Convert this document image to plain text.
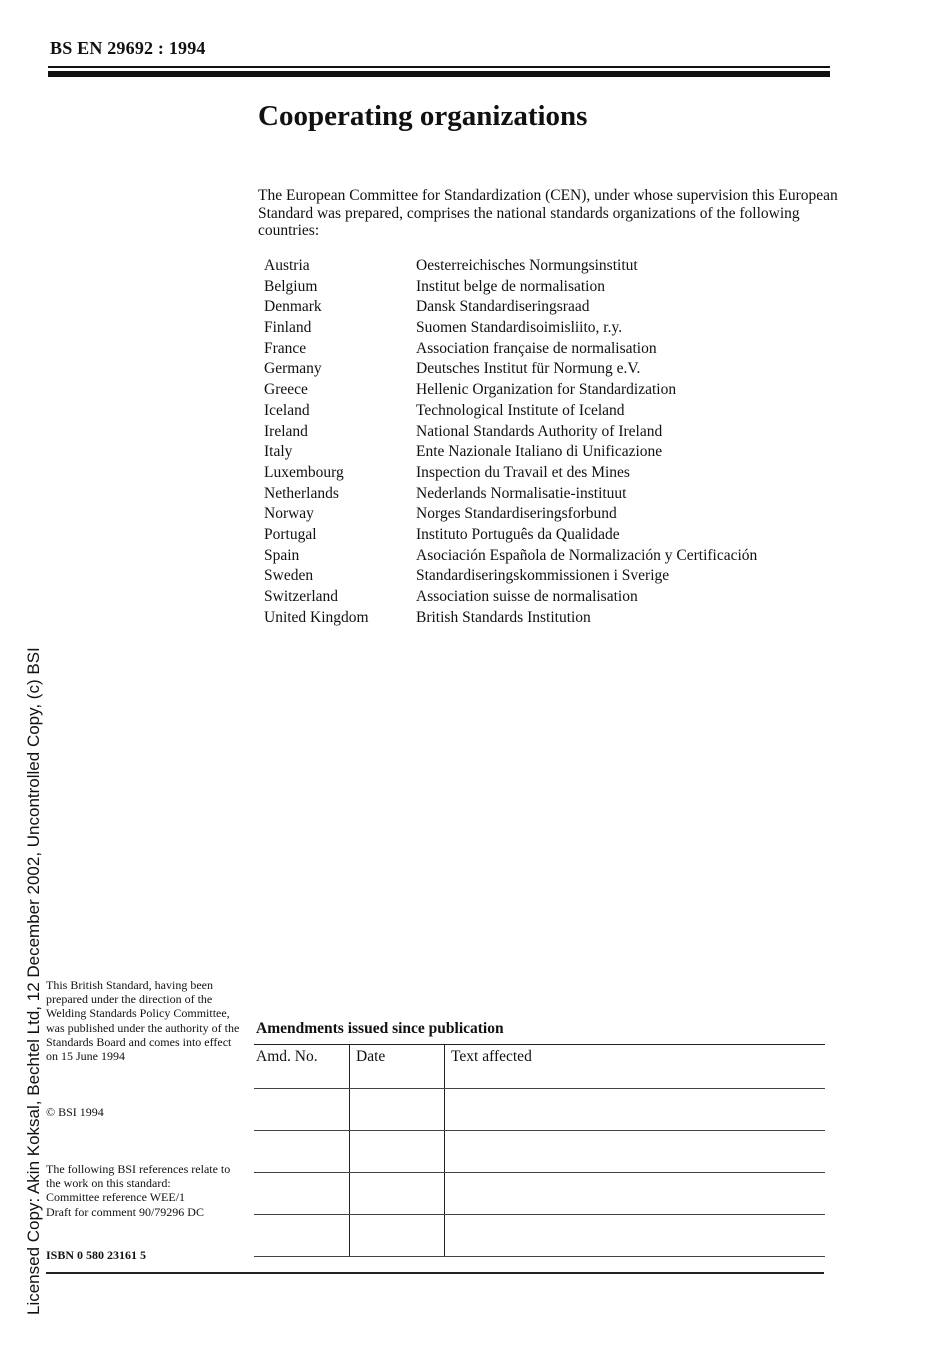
BS EN 29692 : 1994
Cooperating organizations

The European Committee for Standardization (CEN), under whose supervision this European Standard was prepared, comprises the national standards organizations of the following countries:

Austria	Oesterreichisches Normungsinstitut
Belgium	Institut belge de normalisation
Denmark	Dansk Standardiseringsraad
Finland	Suomen Standardisoimisliito, r.y.
France	Association française de normalisation
Germany	Deutsches Institut für Normung e.V.
Greece	Hellenic Organization for Standardization
Iceland	Technological Institute of Iceland
Ireland	National Standards Authority of Ireland
Italy	Ente Nazionale Italiano di Unificazione
Luxembourg	Inspection du Travail et des Mines
Netherlands	Nederlands Normalisatie-instituut
Norway	Norges Standardiseringsforbund
Portugal	Instituto Português da Qualidade
Spain	Asociación Española de Normalización y Certificación
Sweden	Standardiseringskommissionen i Sverige
Switzerland	Association suisse de normalisation
United Kingdom	British Standards Institution

This British Standard, having been prepared under the direction of the Welding Standards Policy Committee, was published under the authority of the Standards Board and comes into effect on 15 June 1994

© BSI 1994
The following BSI references relate to the work on this standard:
Committee reference WEE/1
Draft for comment 90/79296 DC
ISBN 0 580 23161 5
Amendments issued since publication
Amd. No.	Date	Text affected

Licensed Copy: Akin Koksal, Bechtel Ltd, 12 December 2002, Uncontrolled Copy, (c) BSI
